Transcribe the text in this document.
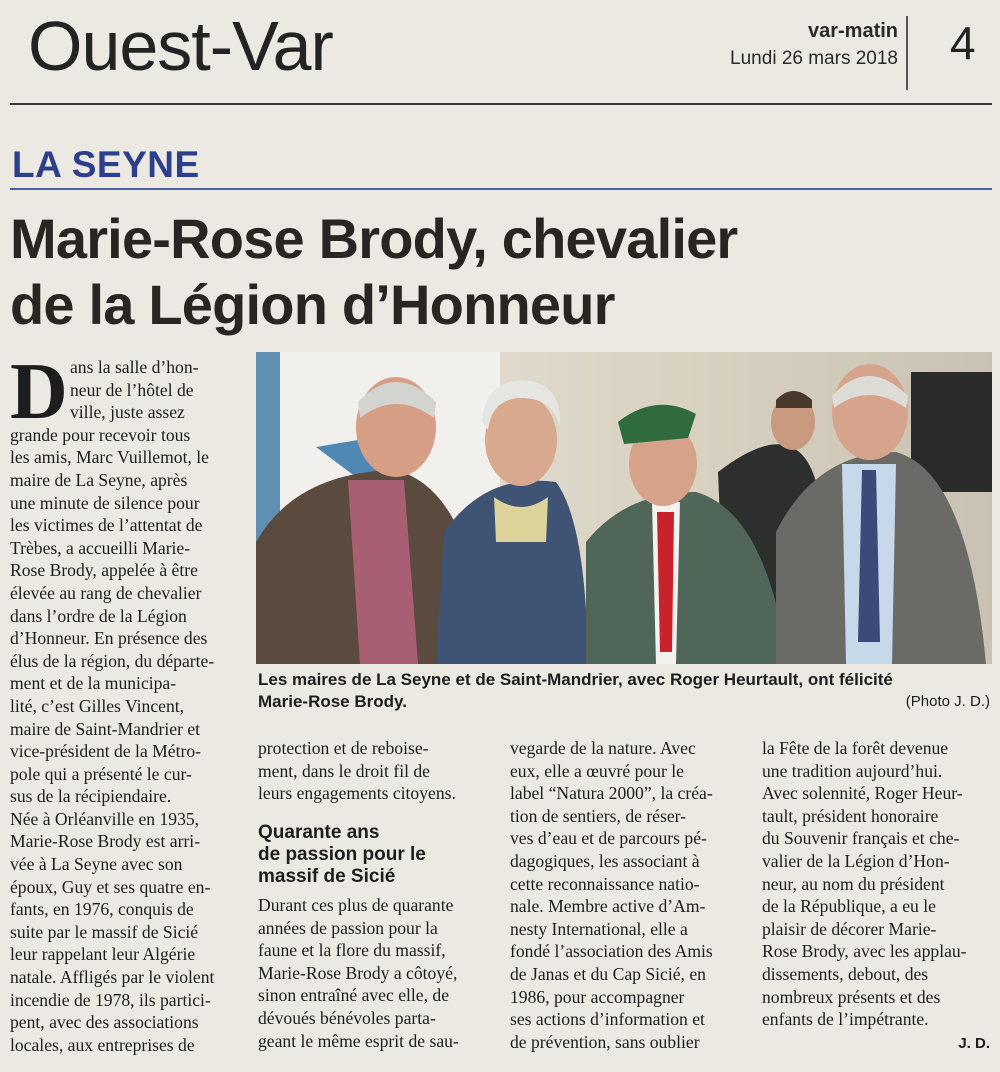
Ouest-Var	var-matin
Lundi 26 mars 2018 4
LA SEYNE
Marie-Rose Brody, chevalier
de la Légion d’Honneur
Les maires de La Seyne et de Saint-Mandrier, avec Roger Heurtault, ont félicité
Marie-Rose Brody.	(Photo J. D.)
D ans la salle d’hon-

neur de l’hôtel de

ville, juste assez

grande pour recevoir tous

les amis, Marc Vuillemot, le

maire de La Seyne, après

une minute de silence pour

les victimes de l’attentat de

Trèbes, a accueilli Marie-

Rose Brody, appelée à être

élevée au rang de chevalier

dans l’ordre de la Légion

d’Honneur. En présence des

élus de la région, du départe-

ment et de la municipa-

lité, c’est Gilles Vincent,

maire de Saint-Mandrier et

vice-président de la Métro-

pole qui a présenté le cur-

sus de la récipiendaire.

Née à Orléanville en 1935,

Marie-Rose Brody est arri-

vée à La Seyne avec son

époux, Guy et ses quatre en-

fants, en 1976, conquis de

suite par le massif de Sicié

leur rappelant leur Algérie

natale. Affligés par le violent

incendie de 1978, ils partici-

pent, avec des associations

locales, aux entreprises de

protection et de reboise-

ment, dans le droit fil de

leurs engagements citoyens.

Quarante ans
de passion pour le
massif de Sicié

Durant ces plus de quarante

années de passion pour la

faune et la flore du massif,

Marie-Rose Brody a côtoyé,

sinon entraîné avec elle, de

dévoués bénévoles parta-

geant le même esprit de sau-

vegarde de la nature. Avec

eux, elle a œuvré pour le

label “Natura 2000”, la créa-

tion de sentiers, de réser-

ves d’eau et de parcours pé-

dagogiques, les associant à

cette reconnaissance natio-

nale. Membre active d’Am-

nesty International, elle a

fondé l’association des Amis

de Janas et du Cap Sicié, en

1986, pour accompagner

ses actions d’information et

de prévention, sans oublier

la Fête de la forêt devenue

une tradition aujourd’hui.

Avec solennité, Roger Heur-

tault, président honoraire

du Souvenir français et che-

valier de la Légion d’Hon-

neur, au nom du président

de la République, a eu le

plaisir de décorer Marie-

Rose Brody, avec les applau-

dissements, debout, des

nombreux présents et des

enfants de l’impétrante.

J. D.
